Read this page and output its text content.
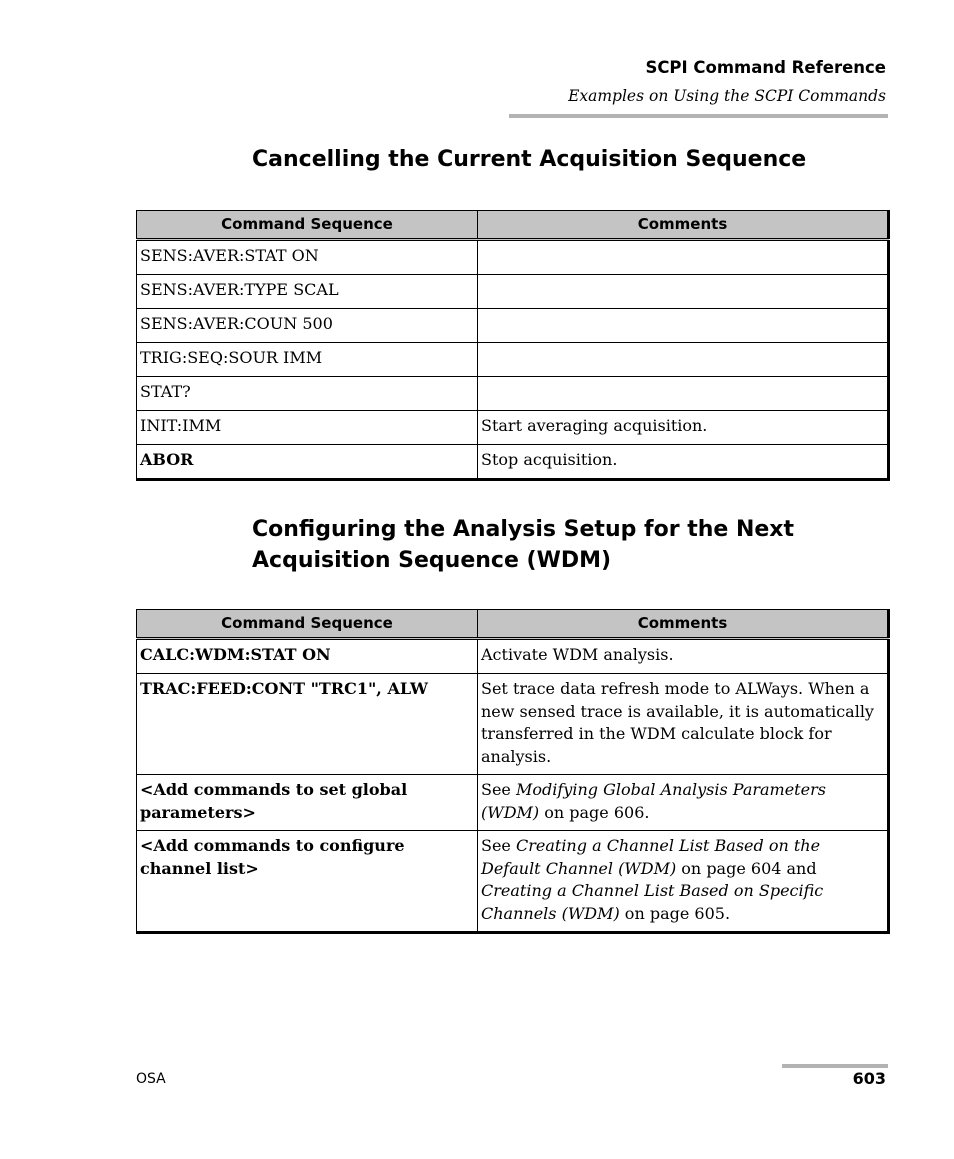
SCPI Command Reference
Examples on Using the SCPI Commands
Cancelling the Current Acquisition Sequence
Command Sequence	Comments
SENS:AVER:STAT ON	
SENS:AVER:TYPE SCAL	
SENS:AVER:COUN 500	
TRIG:SEQ:SOUR IMM	
STAT?	
INIT:IMM	Start averaging acquisition.
ABOR	Stop acquisition.
Configuring the Analysis Setup for the Next Acquisition Sequence (WDM)
Command Sequence	Comments
CALC:WDM:STAT ON	Activate WDM analysis.
TRAC:FEED:CONT "TRC1", ALW	Set trace data refresh mode to ALWays. When a new sensed trace is available, it is automatically transferred in the WDM calculate block for analysis.
<Add commands to set global parameters>	See Modifying Global Analysis Parameters (WDM) on page 606.
<Add commands to configure channel list>	See Creating a Channel List Based on the Default Channel (WDM) on page 604 and Creating a Channel List Based on Specific Channels (WDM) on page 605.
OSA	603
